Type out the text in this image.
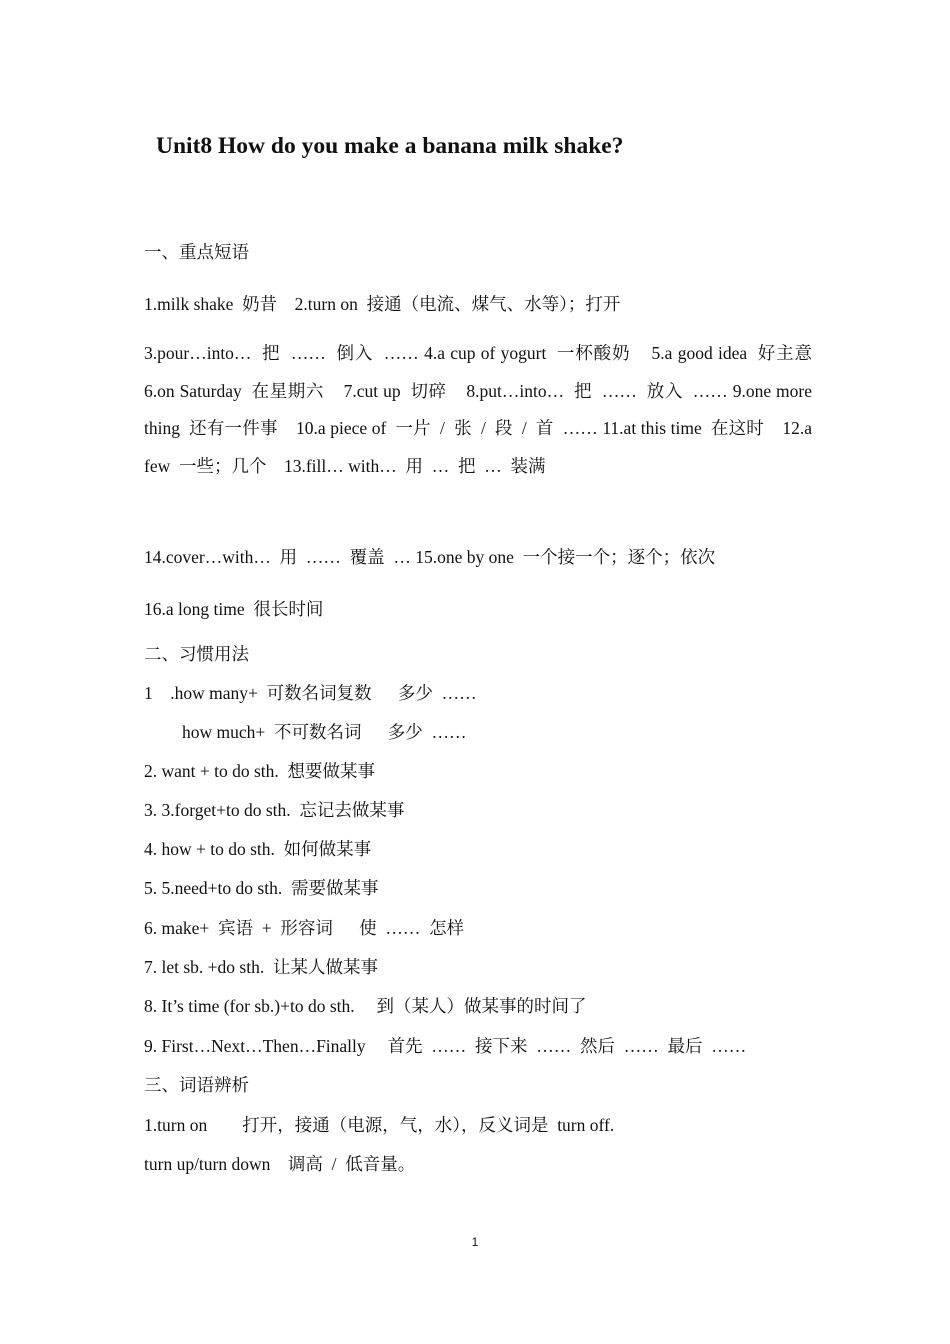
Unit8 How do you make a banana milk shake?
一、重点短语
1.milk shake  奶昔    2.turn on  接通（电流、煤气、水等）；打开
3.pour…into…  把  ……  倒入  …… 4.a cup of yogurt  一杯酸奶    5.a good idea  好主意    6.on Saturday  在星期六    7.cut up  切碎    8.put…into…  把  ……  放入  …… 9.one more thing  还有一件事    10.a piece of  一片  /  张  /  段  /  首  …… 11.at this time  在这时    12.a few  一些；几个    13.fill… with…  用  …  把  …  装满
14.cover…with…  用  ……  覆盖  … 15.one by one  一个接一个；逐个；依次
16.a long time  很长时间
二、习惯用法
1    .how many+  可数名词复数      多少  ……
how much+  不可数名词      多少  ……
2. want + to do sth.  想要做某事
3. 3.forget+to do sth.  忘记去做某事
4. how + to do sth.  如何做某事
5. 5.need+to do sth.  需要做某事
6. make+  宾语  +  形容词      使  ……  怎样
7. let sb. +do sth.  让某人做某事
8. It’s time (for sb.)+to do sth.     到（某人）做某事的时间了
9. First…Next…Then…Finally     首先  ……  接下来  ……  然后  ……  最后  ……
三、词语辨析
1.turn on        打开，接通（电源，气，水），反义词是  turn off.
turn up/turn down    调高  /  低音量。
1
